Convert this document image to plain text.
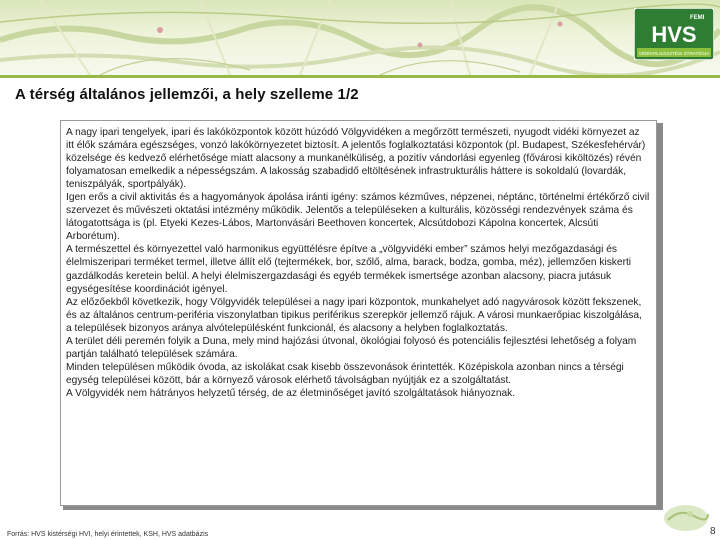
FEMI
HVS
VIDÉKFEJLESZTÉSI STRATÉGIA
A térség általános jellemzői, a hely szelleme 1/2

A nagy ipari tengelyek, ipari és lakóközpontok között húzódó Völgyvidéken a megőrzött természeti, nyugodt vidéki környezet az itt élők számára egészséges, vonzó lakókörnyezetet biztosít. A jelentős foglalkoztatási központok (pl. Budapest, Székesfehérvár) közelsége és kedvező elérhetősége miatt alacsony a munkanélküliség, a pozitív vándorlási egyenleg (fővárosi kiköltözés) révén folyamatosan emelkedik a népességszám. A lakosság szabadidő eltöltésének infrastrukturális háttere is sokoldalú (lovardák, teniszpályák, sportpályák).

Igen erős a civil aktivitás és a hagyományok ápolása iránti igény: számos kézműves, népzenei, néptánc, történelmi értékőrző civil szervezet és művészeti oktatási intézmény működik. Jelentős a településeken a kulturális, közösségi rendezvények száma és látogatottsága is (pl. Etyeki Kezes-Lábos, Martonvásári Beethoven koncertek, Alcsútdobozi Kápolna koncertek, Alcsúti Arborétum).

A természettel és környezettel való harmonikus együttélésre építve a „völgyvidéki ember” számos helyi mezőgazdasági és élelmiszeripari terméket termel, illetve állít elő (tejtermékek, bor, szőlő, alma, barack, bodza, gomba, méz), jellemzően kiskerti gazdálkodás keretein belül. A helyi élelmiszergazdasági és egyéb termékek ismertsége azonban alacsony, piacra jutásuk egységesítése koordinációt igényel.

Az előzőekből következik, hogy Völgyvidék települései a nagy ipari központok, munkahelyet adó nagyvárosok között fekszenek, és az általános centrum-periféria viszonylatban tipikus periférikus szerepkör jellemző rájuk. A városi munkaerőpiac kiszolgálása, a települések bizonyos aránya alvótelepülésként funkcionál, és alacsony a helyben foglalkoztatás.

A terület déli peremén folyik a Duna, mely mind hajózási útvonal, ökológiai folyosó és potenciális fejlesztési lehetőség a folyam partján található települések számára.

Minden településen működik óvoda, az iskolákat csak kisebb összevonások érintették. Középiskola azonban nincs a térségi egység települései között, bár a környező városok elérhető távolságban nyújtják ez a szolgáltatást.

A Völgyvidék nem hátrányos helyzetű térség, de az életminőséget javító szolgáltatások hiányoznak.

Forrás: HVS kistérségi HVI, helyi érintettek, KSH, HVS adatbázis	8
